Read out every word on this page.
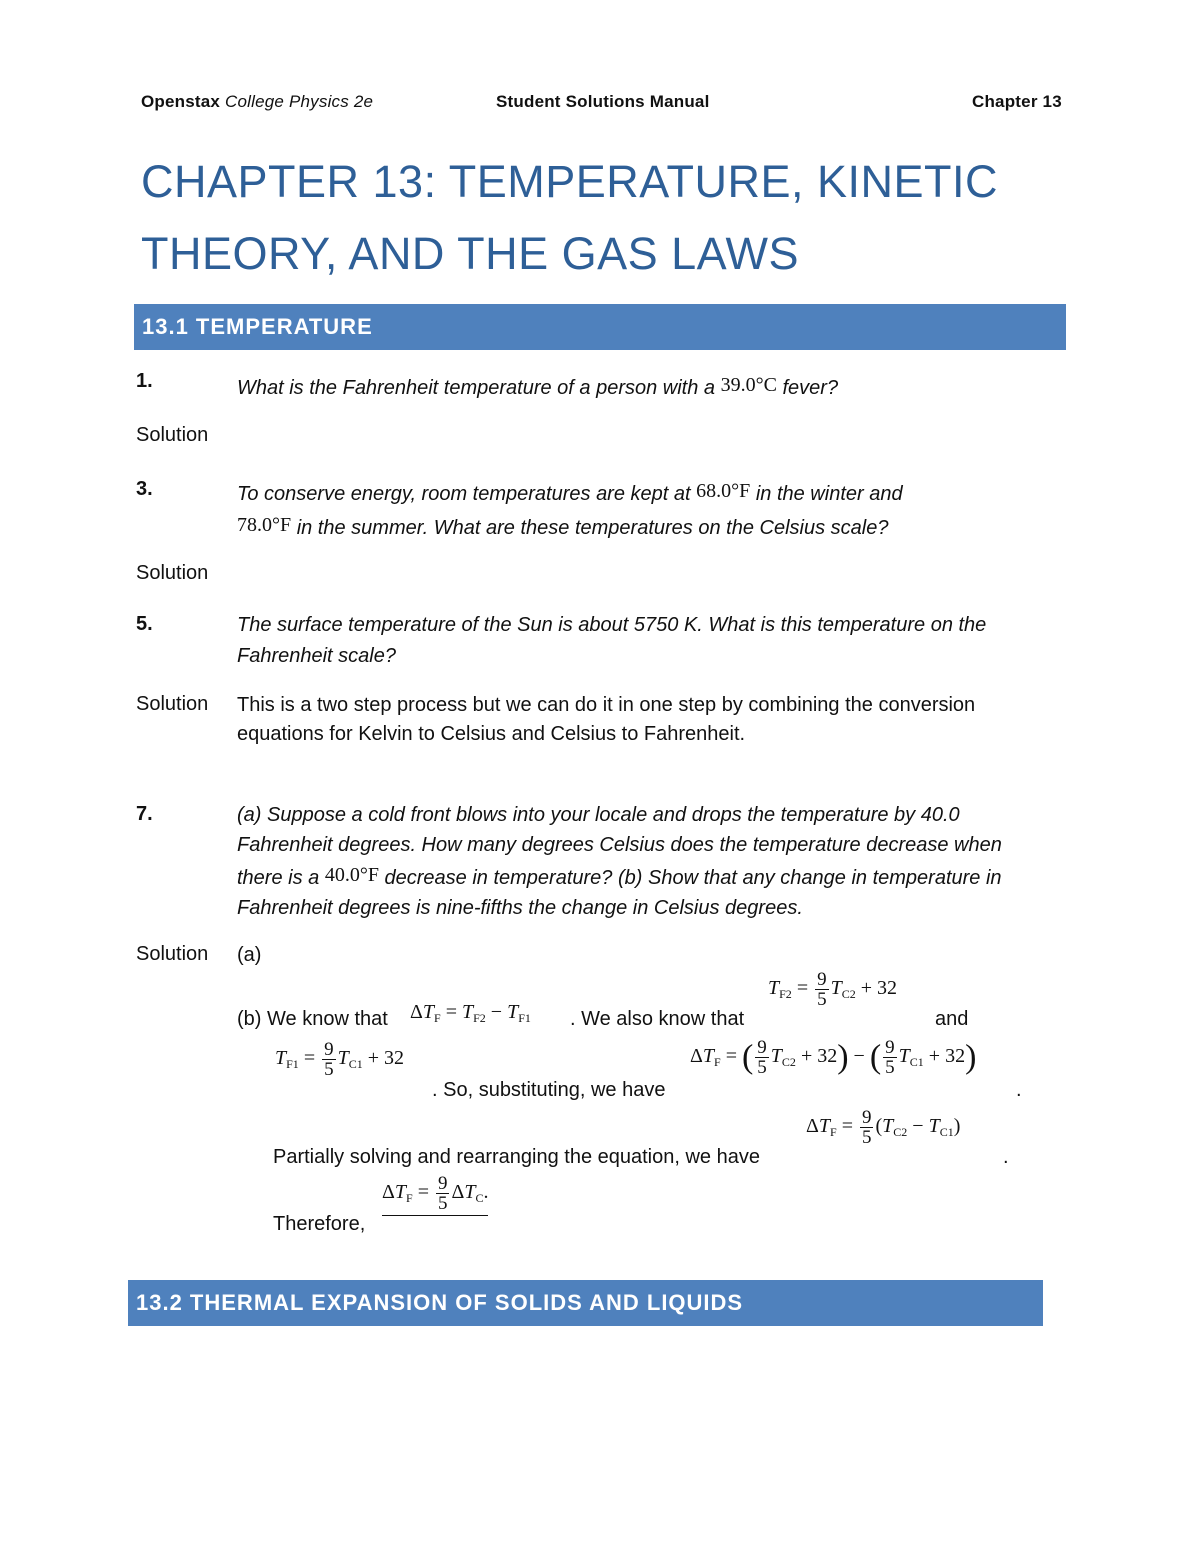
Openstax College Physics 2e	Student Solutions Manual	Chapter 13
CHAPTER 13: TEMPERATURE, KINETIC THEORY, AND THE GAS LAWS
13.1 TEMPERATURE
1.	What is the Fahrenheit temperature of a person with a 39.0°C fever?
Solution
3.	To conserve energy, room temperatures are kept at 68.0°F in the winter and
78.0°F in the summer. What are these temperatures on the Celsius scale?
Solution
5.	The surface temperature of the Sun is about 5750 K. What is this temperature on the Fahrenheit scale?
Solution This is a two step process but we can do it in one step by combining the conversion equations for Kelvin to Celsius and Celsius to Fahrenheit.
7.	(a) Suppose a cold front blows into your locale and drops the temperature by 40.0 Fahrenheit degrees. How many degrees Celsius does the temperature decrease when there is a 40.0°F decrease in temperature? (b) Show that any change in temperature in Fahrenheit degrees is nine-fifths the change in Celsius degrees.
Solution (a)
(b) We know that $\Delta T_F = T_{F2} - T_{F1}$ . We also know that
$T_{F2} = \frac{9}{5} T_{C2} + 32$
and
$T_{F1} = \frac{9}{5} T_{C1} + 32$
. So, substituting, we have
$\Delta T_F$ = ( $\frac{9}{5} T_{C2} + 32$) − ( $\frac{9}{5} T_{C1} + 32$)
.
Partially solving and rearranging the equation, we have
$\Delta T_F = \frac{9}{5} (T_{C2} - T_{C1})$
.
Therefore,
$\Delta T_F = \frac{9}{5} \Delta T_C$.
13.2 THERMAL EXPANSION OF SOLIDS AND LIQUIDS
